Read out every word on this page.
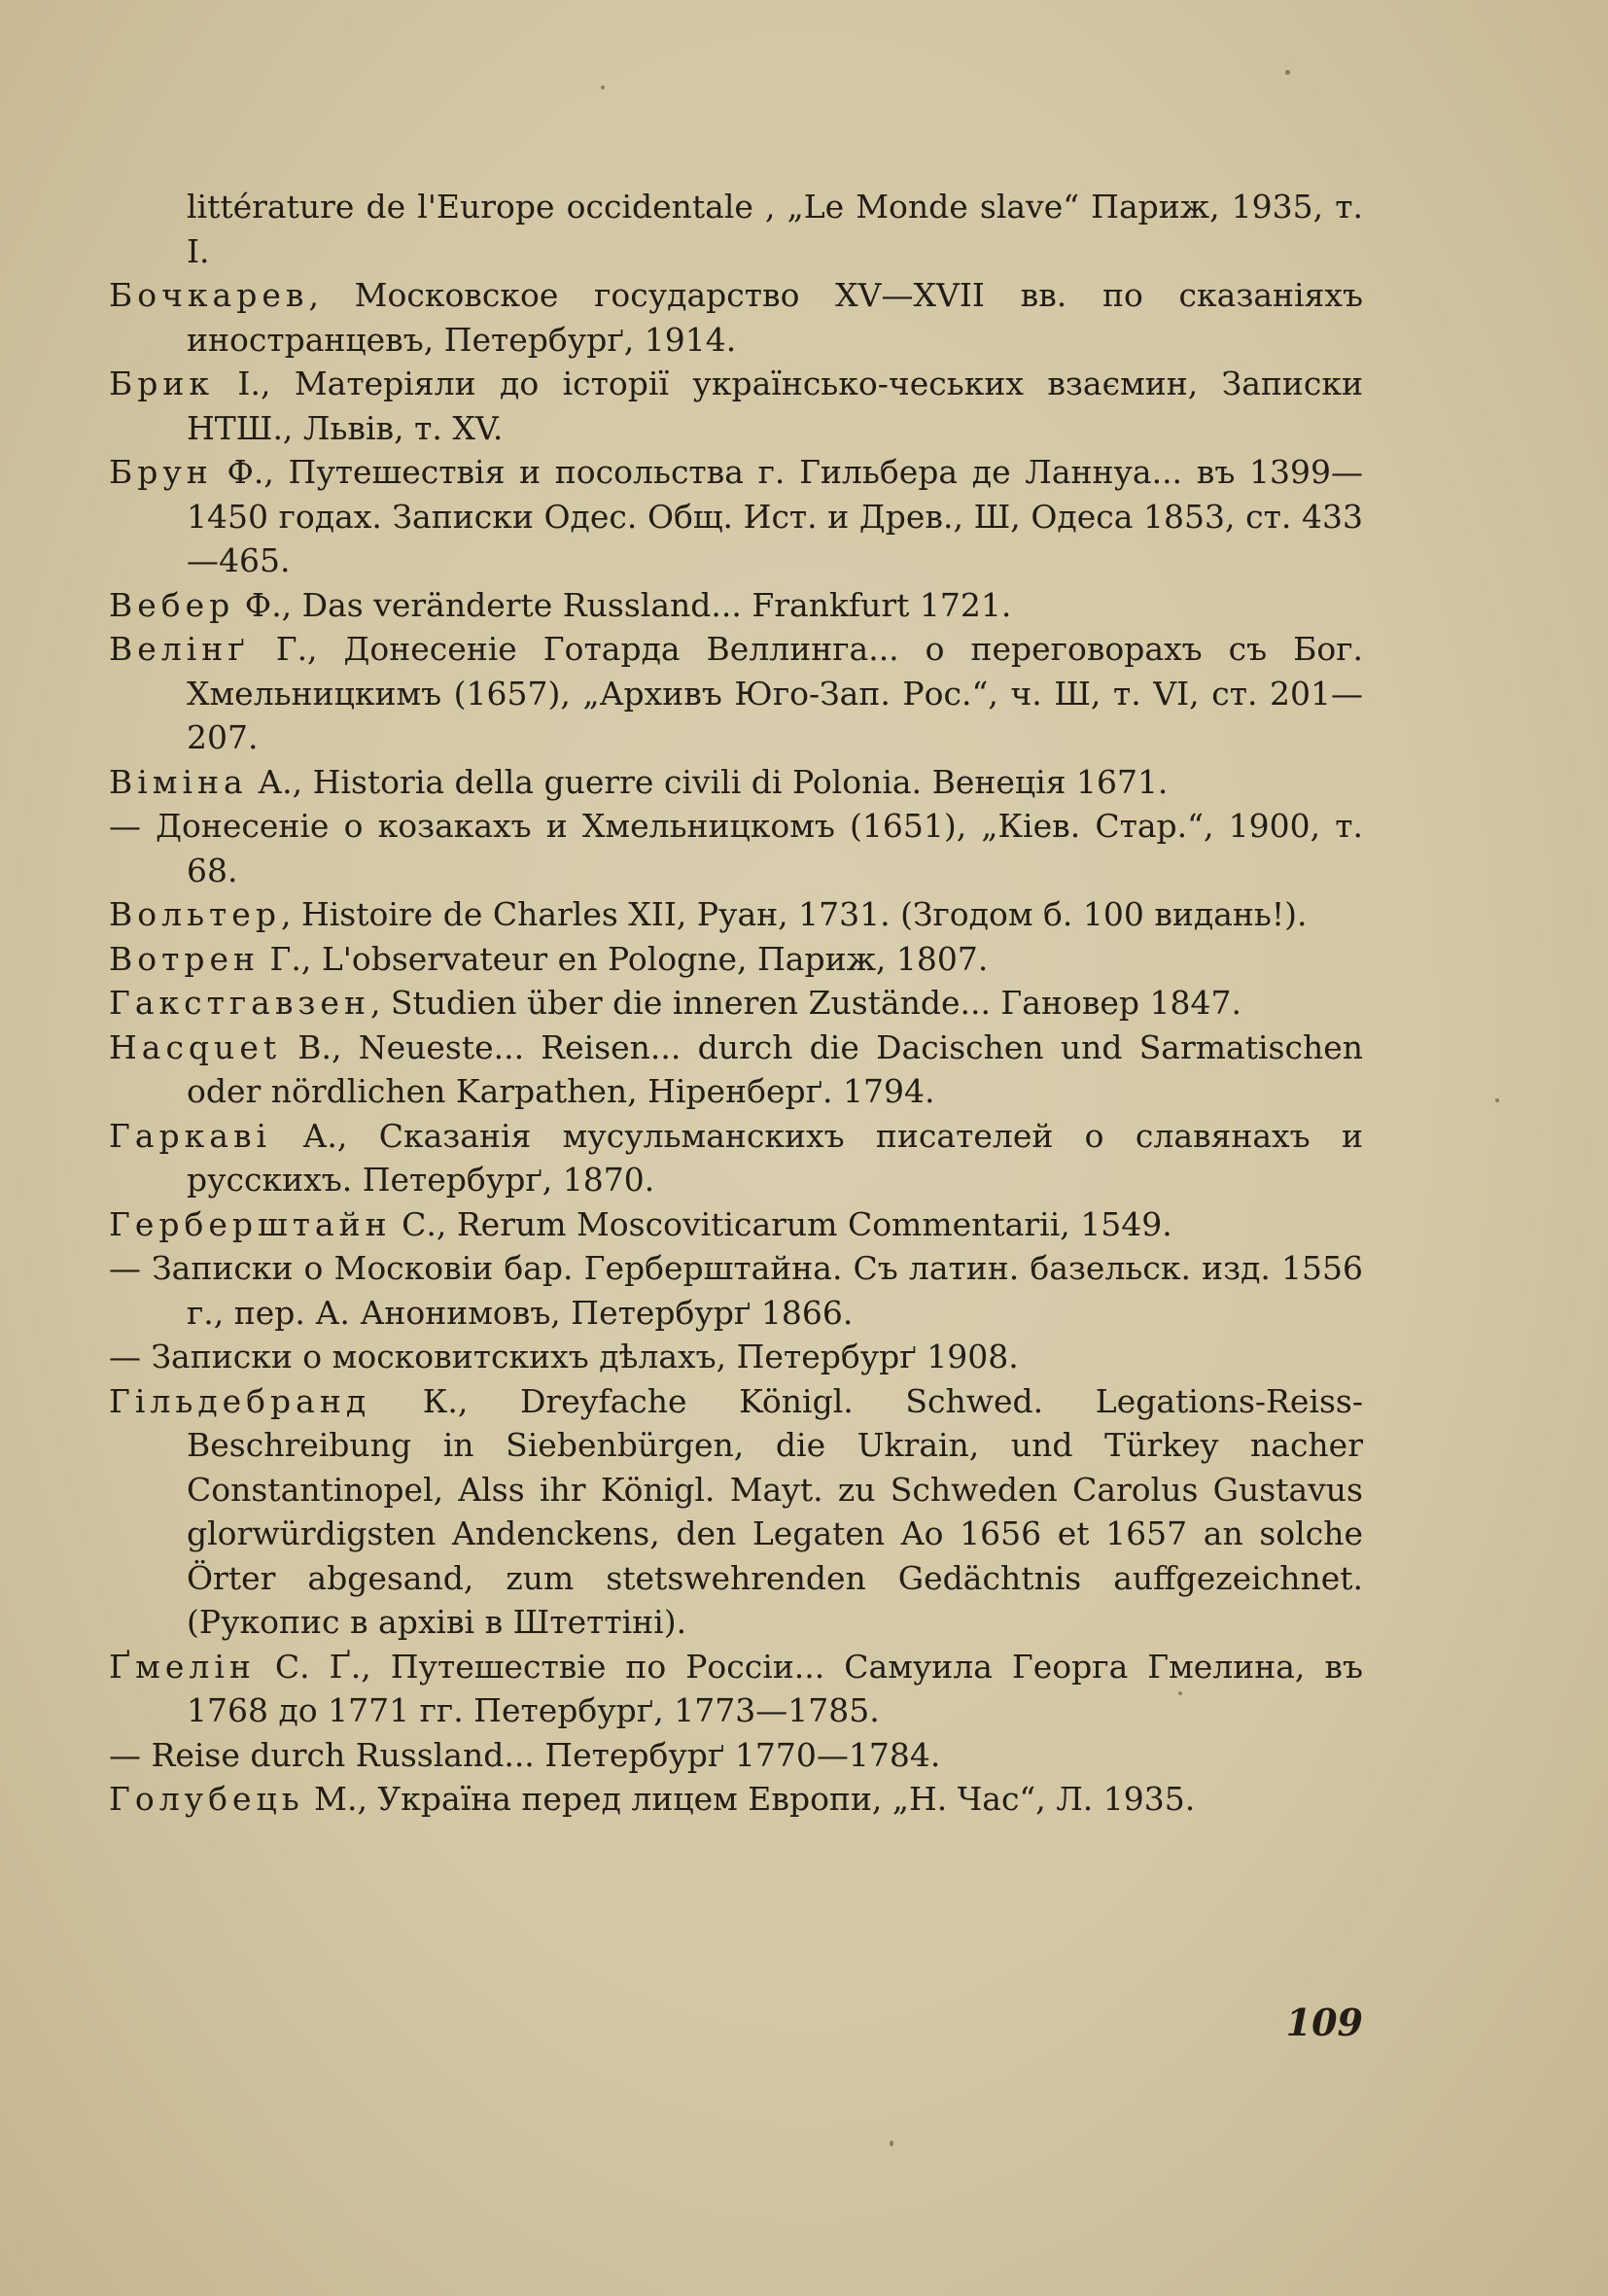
littérature de l'Europe occidentale , „Le Monde slave“ Париж, 1935, т. I.

Бочкарев, Московское государство XV—XVII вв. по сказаніяхъ иностранцевъ, Петербурґ, 1914.

Брик I., Матеріяли до історії українсько-чеських взаємин, Записки НТШ., Львів, т. XV.

Брун Ф., Путешествія и посольства г. Гильбера де Ланнуа... въ 1399—1450 годах. Записки Одес. Общ. Ист. и Древ., Ш, Одеса 1853, ст. 433—465.

Вебер Ф., Das veränderte Russland... Frankfurt 1721.

Велінґ Г., Донесеніе Готарда Веллинга... о переговорахъ съ Бог. Хмельницкимъ (1657), „Архивъ Юго-Зап. Рос.“, ч. Ш, т. VI, ст. 201—207.

Віміна А., Historia della guerre civili di Polonia. Венеція 1671.

— Донесеніе о козакахъ и Хмельницкомъ (1651), „Кіев. Стар.“, 1900, т. 68.

Вольтер, Histoire de Charles XII, Руан, 1731. (Згодом б. 100 видань!).

Вотрен Г., L'observateur en Pologne, Париж, 1807.

Гакстгавзен, Studien über die inneren Zustände... Гановер 1847.

Hacquet B., Neueste... Reisen... durch die Dacischen und Sarmatischen oder nördlichen Karpathen, Ніренберґ. 1794.

Гаркаві А., Сказанія мусульманскихъ писателей о славянахъ и русскихъ. Петербурґ, 1870.

Герберштайн С., Rerum Moscoviticarum Commentarii, 1549.

— Записки о Московіи бар. Герберштайна. Съ латин. базельск. изд. 1556 г., пер. А. Анонимовъ, Петербурґ 1866.

— Записки о московитскихъ дѣлахъ, Петербурґ 1908.

Гільдебранд К., Dreyfache Königl. Schwed. Legations-Reiss-Beschreibung in Siebenbürgen, die Ukrain, und Türkey nacher Constantinopel, Alss ihr Königl. Mayt. zu Schweden Carolus Gustavus glorwürdigsten Andenckens, den Legaten Ao 1656 et 1657 an solche Örter abgesand, zum stetswehrenden Gedächtnis auffgezeichnet. (Рукопис в архіві в Штеттіні).

Ґмелін С. Ґ., Путешествіе по Россіи... Самуила Георга Гмелина, въ 1768 до 1771 гг. Петербурґ, 1773—1785.

— Reise durch Russland... Петербурґ 1770—1784.

Голубець М., Україна перед лицем Европи, „Н. Час“, Л. 1935.

109
